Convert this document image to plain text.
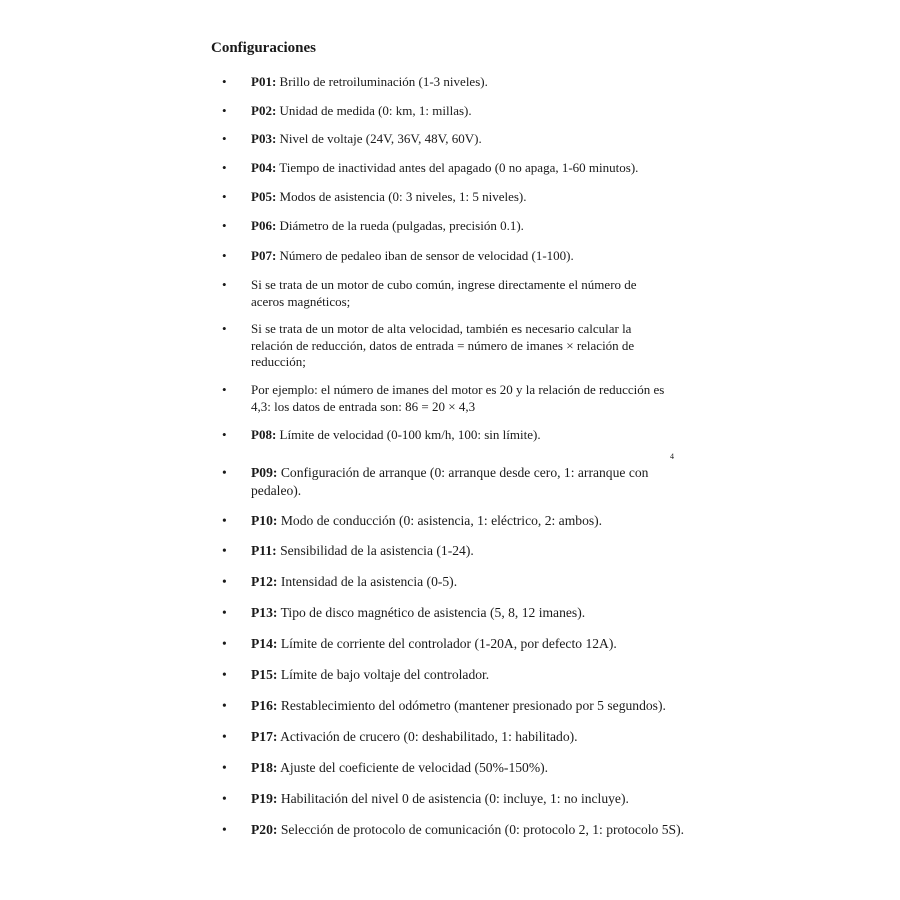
Configuraciones
4
• P01: Brillo de retroiluminación (1-3 niveles).
• P02: Unidad de medida (0: km, 1: millas).
• P03: Nivel de voltaje (24V, 36V, 48V, 60V).
• P04: Tiempo de inactividad antes del apagado (0 no apaga, 1-60 minutos).
• P05: Modos de asistencia (0: 3 niveles, 1: 5 niveles).
• P06: Diámetro de la rueda (pulgadas, precisión 0.1).
• P07: Número de pedaleo iban de sensor de velocidad (1-100).
• Si se trata de un motor de cubo común, ingrese directamente el número de aceros magnéticos;
• Si se trata de un motor de alta velocidad, también es necesario calcular la relación de reducción, datos de entrada = número de imanes × relación de reducción;
• Por ejemplo: el número de imanes del motor es 20 y la relación de reducción es 4,3: los datos de entrada son: 86 = 20 × 4,3
• P08: Límite de velocidad (0-100 km/h, 100: sin límite).
• P09: Configuración de arranque (0: arranque desde cero, 1: arranque con pedaleo).
• P10: Modo de conducción (0: asistencia, 1: eléctrico, 2: ambos).
• P11: Sensibilidad de la asistencia (1-24).
• P12: Intensidad de la asistencia (0-5).
• P13: Tipo de disco magnético de asistencia (5, 8, 12 imanes).
• P14: Límite de corriente del controlador (1-20A, por defecto 12A).
• P15: Límite de bajo voltaje del controlador.
• P16: Restablecimiento del odómetro (mantener presionado por 5 segundos).
• P17: Activación de crucero (0: deshabilitado, 1: habilitado).
• P18: Ajuste del coeficiente de velocidad (50%-150%).
• P19: Habilitación del nivel 0 de asistencia (0: incluye, 1: no incluye).
• P20: Selección de protocolo de comunicación (0: protocolo 2, 1: protocolo 5S).
